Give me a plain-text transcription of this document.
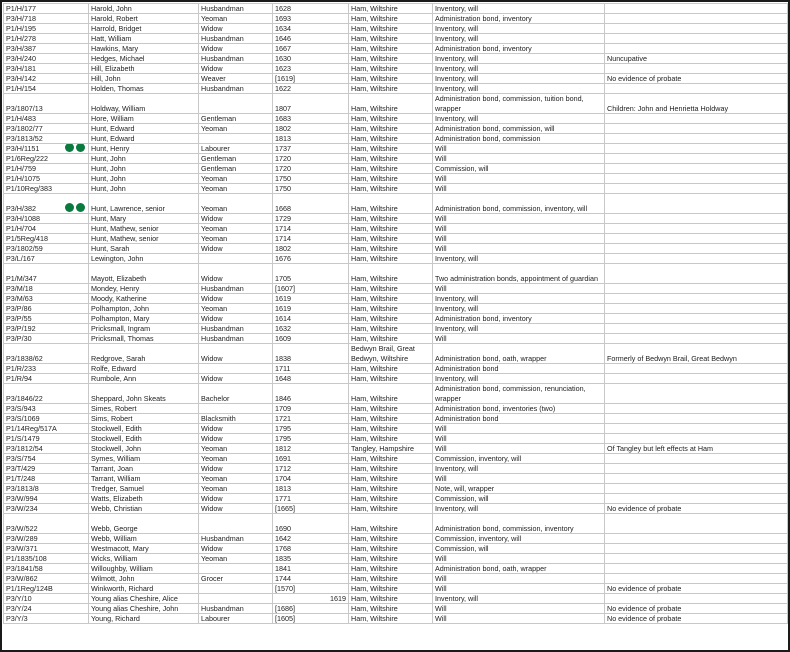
P1/H/177	Harold, John	Husbandman	1628	Ham, Wiltshire	Inventory, will	
P3/H/718	Harold, Robert	Yeoman	1693	Ham, Wiltshire	Administration bond, inventory	
P1/H/195	Harrold, Bridget	Widow	1634	Ham, Wiltshire	Inventory, will	
P1/H/278	Hatt, William	Husbandman	1646	Ham, Wiltshire	Inventory, will	
P3/H/387	Hawkins, Mary	Widow	1667	Ham, Wiltshire	Administration bond, inventory	
P3/H/240	Hedges, Michael	Husbandman	1630	Ham, Wiltshire	Inventory, will	Nuncupative
P3/H/181	Hill, Elizabeth	Widow	1623	Ham, Wiltshire	Inventory, will	
P3/H/142	Hill, John	Weaver	[1619]	Ham, Wiltshire	Inventory, will	No evidence of probate
P1/H/154	Holden, Thomas	Husbandman	1622	Ham, Wiltshire	Inventory, will	
P3/1807/13	Holdway, William		1807	Ham, Wiltshire	Administration bond, commission, tuition bond, wrapper	Children: John and Henrietta Holdway
P1/H/483	Hore, William	Gentleman	1683	Ham, Wiltshire	Inventory, will	
P3/1802/77	Hunt, Edward	Yeoman	1802	Ham, Wiltshire	Administration bond, commission, will	
P3/1813/52	Hunt, Edward		1813	Ham, Wiltshire	Administration bond, commission	
P3/H/1151	Hunt, Henry	Labourer	1737	Ham, Wiltshire	Will	
P1/6Reg/222	Hunt, John	Gentleman	1720	Ham, Wiltshire	Will	
P1/H/759	Hunt, John	Gentleman	1720	Ham, Wiltshire	Commission, will	
P1/H/1075	Hunt, John	Yeoman	1750	Ham, Wiltshire	Will	
P1/10Reg/383	Hunt, John	Yeoman	1750	Ham, Wiltshire	Will	
P3/H/382	Hunt, Lawrence, senior	Yeoman	1668	Ham, Wiltshire	Administration bond, commission, inventory, will	
P3/H/1088	Hunt, Mary	Widow	1729	Ham, Wiltshire	Will	
P1/H/704	Hunt, Mathew, senior	Yeoman	1714	Ham, Wiltshire	Will	
P1/5Reg/418	Hunt, Mathew, senior	Yeoman	1714	Ham, Wiltshire	Will	
P3/1802/59	Hunt, Sarah	Widow	1802	Ham, Wiltshire	Will	
P3/L/167	Lewington, John		1676	Ham, Wiltshire	Inventory, will	
P1/M/347	Mayott, Elizabeth	Widow	1705	Ham, Wiltshire	Two administration bonds, appointment of guardian	
P3/M/18	Mondey, Henry	Husbandman	[1607]	Ham, Wiltshire	Will	
P3/M/63	Moody, Katherine	Widow	1619	Ham, Wiltshire	Inventory, will	
P3/P/86	Polhampton, John	Yeoman	1619	Ham, Wiltshire	Inventory, will	
P3/P/55	Polhampton, Mary	Widow	1614	Ham, Wiltshire	Administration bond, inventory	
P3/P/192	Pricksmall, Ingram	Husbandman	1632	Ham, Wiltshire	Inventory, will	
P3/P/30	Pricksmall, Thomas	Husbandman	1609	Ham, Wiltshire	Will	
P3/1838/62	Redgrove, Sarah	Widow	1838	Bedwyn Brail, Great Bedwyn, Wiltshire	Administration bond, oath, wrapper	Formerly of Bedwyn Brail, Great Bedwyn
P1/R/233	Rolfe, Edward		1711	Ham, Wiltshire	Administration bond	
P1/R/94	Rumbole, Ann	Widow	1648	Ham, Wiltshire	Inventory, will	
P3/1846/22	Sheppard, John Skeats	Bachelor	1846	Ham, Wiltshire	Administration bond, commission, renunciation, wrapper	
P3/S/943	Simes, Robert		1709	Ham, Wiltshire	Administration bond, inventories (two)	
P3/S/1069	Sims, Robert	Blacksmith	1721	Ham, Wiltshire	Administration bond	
P1/14Reg/517A	Stockwell, Edith	Widow	1795	Ham, Wiltshire	Will	
P1/S/1479	Stockwell, Edith	Widow	1795	Ham, Wiltshire	Will	
P3/1812/54	Stockwell, John	Yeoman	1812	Tangley, Hampshire	Will	Of Tangley but left effects at Ham
P3/S/754	Symes, William	Yeoman	1691	Ham, Wiltshire	Commission, inventory, will	
P3/T/429	Tarrant, Joan	Widow	1712	Ham, Wiltshire	Inventory, will	
P1/T/248	Tarrant, William	Yeoman	1704	Ham, Wiltshire	Will	
P3/1813/8	Tredger, Samuel	Yeoman	1813	Ham, Wiltshire	Note, will, wrapper	
P3/W/994	Watts, Elizabeth	Widow	1771	Ham, Wiltshire	Commission, will	
P3/W/234	Webb, Christian	Widow	[1665]	Ham, Wiltshire	Inventory, will	No evidence of probate
P3/W/522	Webb, George		1690	Ham, Wiltshire	Administration bond, commission, inventory	
P3/W/289	Webb, William	Husbandman	1642	Ham, Wiltshire	Commission, inventory, will	
P3/W/371	Westmacott, Mary	Widow	1768	Ham, Wiltshire	Commission, will	
P1/1835/108	Wicks, William	Yeoman	1835	Ham, Wiltshire	Will	
P3/1841/58	Willoughby, William		1841	Ham, Wiltshire	Administration bond, oath, wrapper	
P3/W/862	Wilmott, John	Grocer	1744	Ham, Wiltshire	Will	
P1/1Reg/124B	Winkworth, Richard		[1570]	Ham, Wiltshire	Will	No evidence of probate
P3/Y/10	Young alias Cheshire, Alice		1619	Ham, Wiltshire	Inventory, will	
P3/Y/24	Young alias Cheshire, John	Husbandman	[1686]	Ham, Wiltshire	Will	No evidence of probate
P3/Y/3	Young, Richard	Labourer	[1605]	Ham, Wiltshire	Will	No evidence of probate
